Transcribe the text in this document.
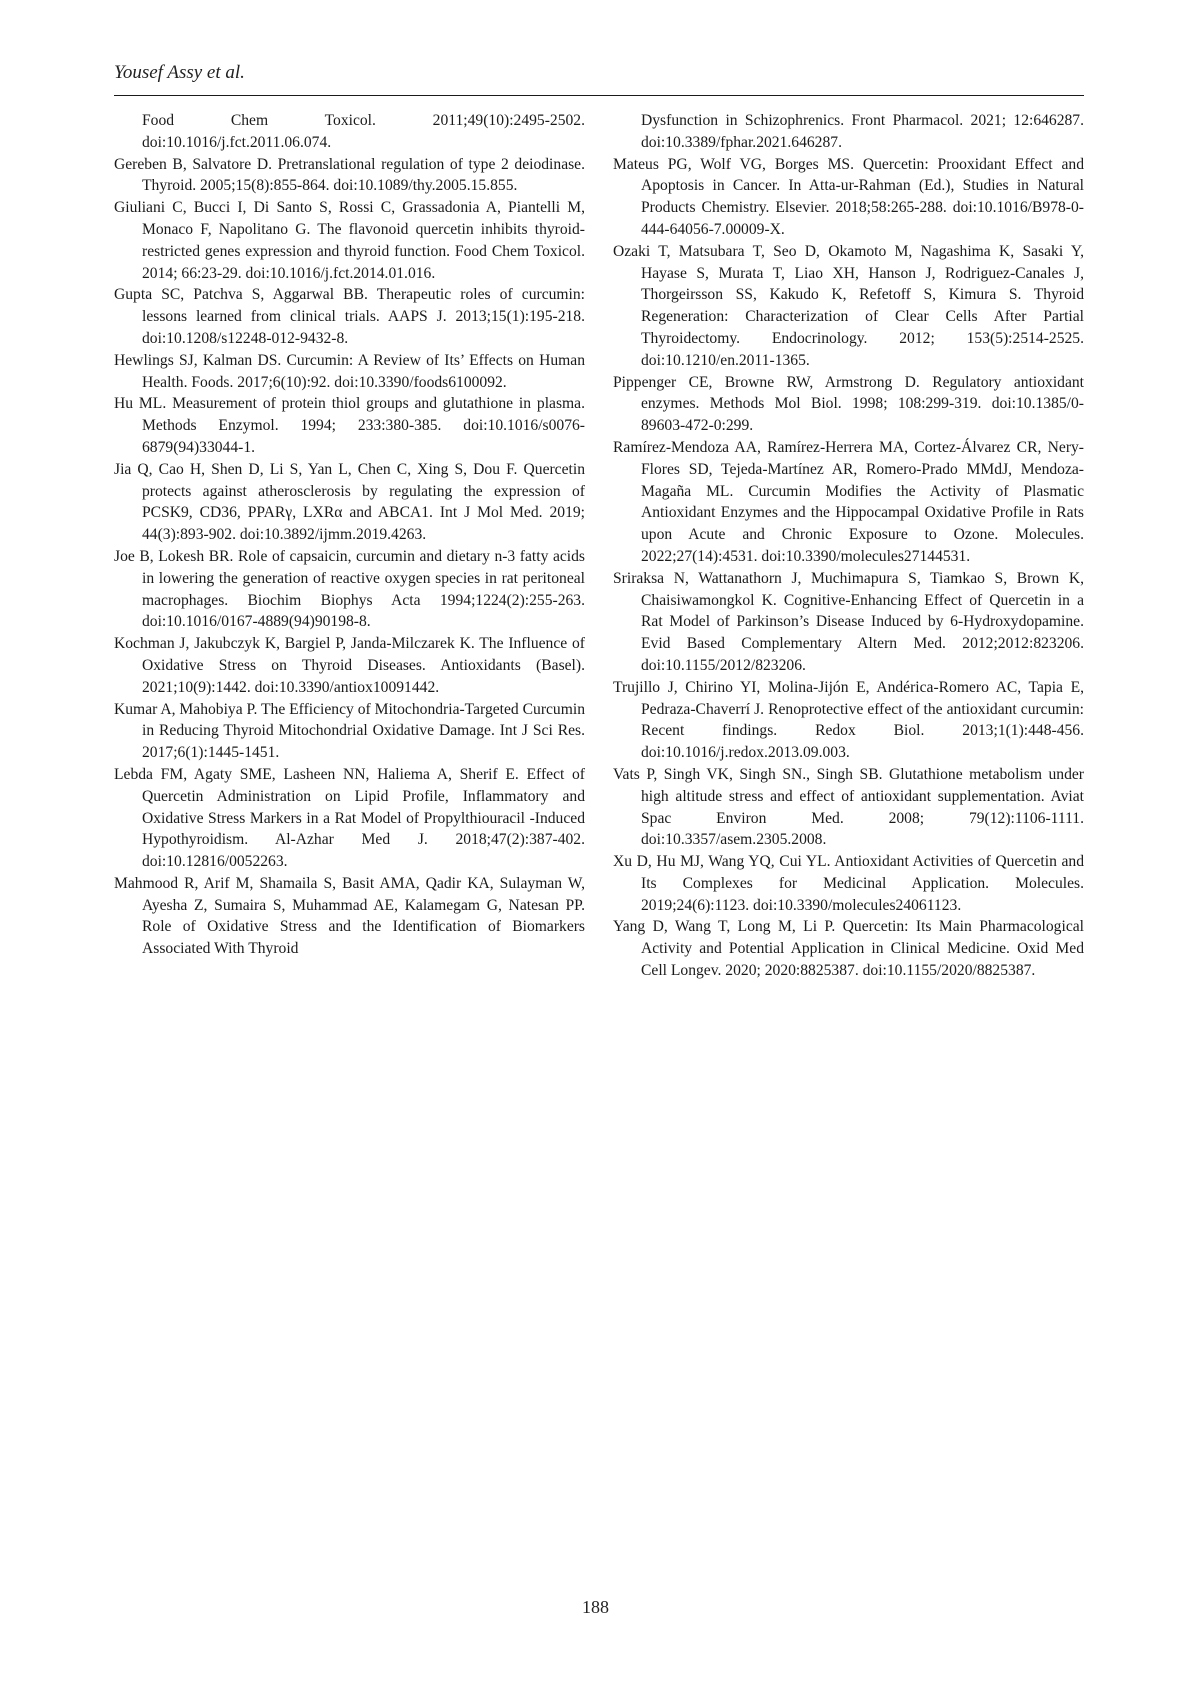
Yousef Assy et al.

Food Chem Toxicol. 2011;49(10):2495-2502. doi:10.1016/j.fct.2011.06.074.

Gereben B, Salvatore D. Pretranslational regulation of type 2 deiodinase. Thyroid. 2005;15(8):855-864. doi:10.1089/thy.2005.15.855.

Giuliani C, Bucci I, Di Santo S, Rossi C, Grassadonia A, Piantelli M, Monaco F, Napolitano G. The flavonoid quercetin inhibits thyroid-restricted genes expression and thyroid function. Food Chem Toxicol. 2014; 66:23-29. doi:10.1016/j.fct.2014.01.016.

Gupta SC, Patchva S, Aggarwal BB. Therapeutic roles of curcumin: lessons learned from clinical trials. AAPS J. 2013;15(1):195-218. doi:10.1208/s12248-012-9432-8.

Hewlings SJ, Kalman DS. Curcumin: A Review of Its’ Effects on Human Health. Foods. 2017;6(10):92. doi:10.3390/foods6100092.

Hu ML. Measurement of protein thiol groups and glutathione in plasma. Methods Enzymol. 1994; 233:380-385. doi:10.1016/s0076-6879(94)33044-1.

Jia Q, Cao H, Shen D, Li S, Yan L, Chen C, Xing S, Dou F. Quercetin protects against atherosclerosis by regulating the expression of PCSK9, CD36, PPARγ, LXRα and ABCA1. Int J Mol Med. 2019; 44(3):893-902. doi:10.3892/ijmm.2019.4263.

Joe B, Lokesh BR. Role of capsaicin, curcumin and dietary n-3 fatty acids in lowering the generation of reactive oxygen species in rat peritoneal macrophages. Biochim Biophys Acta 1994;1224(2):255-263. doi:10.1016/0167-4889(94)90198-8.

Kochman J, Jakubczyk K, Bargiel P, Janda-Milczarek K. The Influence of Oxidative Stress on Thyroid Diseases. Antioxidants (Basel). 2021;10(9):1442. doi:10.3390/antiox10091442.

Kumar A, Mahobiya P. The Efficiency of Mitochondria-Targeted Curcumin in Reducing Thyroid Mitochondrial Oxidative Damage. Int J Sci Res. 2017;6(1):1445-1451.

Lebda FM, Agaty SME, Lasheen NN, Haliema A, Sherif E. Effect of Quercetin Administration on Lipid Profile, Inflammatory and Oxidative Stress Markers in a Rat Model of Propylthiouracil -Induced Hypothyroidism. Al-Azhar Med J. 2018;47(2):387-402. doi:10.12816/0052263.

Mahmood R, Arif M, Shamaila S, Basit AMA, Qadir KA, Sulayman W, Ayesha Z, Sumaira S, Muhammad AE, Kalamegam G, Natesan PP. Role of Oxidative Stress and the Identification of Biomarkers Associated With Thyroid

Dysfunction in Schizophrenics. Front Pharmacol. 2021; 12:646287. doi:10.3389/fphar.2021.646287.

Mateus PG, Wolf VG, Borges MS. Quercetin: Prooxidant Effect and Apoptosis in Cancer. In Atta-ur-Rahman (Ed.), Studies in Natural Products Chemistry. Elsevier. 2018;58:265-288. doi:10.1016/B978-0-444-64056-7.00009-X.

Ozaki T, Matsubara T, Seo D, Okamoto M, Nagashima K, Sasaki Y, Hayase S, Murata T, Liao XH, Hanson J, Rodriguez-Canales J, Thorgeirsson SS, Kakudo K, Refetoff S, Kimura S. Thyroid Regeneration: Characterization of Clear Cells After Partial Thyroidectomy. Endocrinology. 2012; 153(5):2514-2525. doi:10.1210/en.2011-1365.

Pippenger CE, Browne RW, Armstrong D. Regulatory antioxidant enzymes. Methods Mol Biol. 1998; 108:299-319. doi:10.1385/0-89603-472-0:299.

Ramírez-Mendoza AA, Ramírez-Herrera MA, Cortez-Álvarez CR, Nery-Flores SD, Tejeda-Martínez AR, Romero-Prado MMdJ, Mendoza-Magaña ML. Curcumin Modifies the Activity of Plasmatic Antioxidant Enzymes and the Hippocampal Oxidative Profile in Rats upon Acute and Chronic Exposure to Ozone. Molecules. 2022;27(14):4531. doi:10.3390/molecules27144531.

Sriraksa N, Wattanathorn J, Muchimapura S, Tiamkao S, Brown K, Chaisiwamongkol K. Cognitive-Enhancing Effect of Quercetin in a Rat Model of Parkinson’s Disease Induced by 6-Hydroxydopamine. Evid Based Complementary Altern Med. 2012;2012:823206. doi:10.1155/2012/823206.

Trujillo J, Chirino YI, Molina-Jijón E, Andérica-Romero AC, Tapia E, Pedraza-Chaverrí J. Renoprotective effect of the antioxidant curcumin: Recent findings. Redox Biol. 2013;1(1):448-456. doi:10.1016/j.redox.2013.09.003.

Vats P, Singh VK, Singh SN., Singh SB. Glutathione metabolism under high altitude stress and effect of antioxidant supplementation. Aviat Spac Environ Med. 2008; 79(12):1106-1111. doi:10.3357/asem.2305.2008.

Xu D, Hu MJ, Wang YQ, Cui YL. Antioxidant Activities of Quercetin and Its Complexes for Medicinal Application. Molecules. 2019;24(6):1123. doi:10.3390/molecules24061123.

Yang D, Wang T, Long M, Li P. Quercetin: Its Main Pharmacological Activity and Potential Application in Clinical Medicine. Oxid Med Cell Longev. 2020; 2020:8825387. doi:10.1155/2020/8825387.

188
